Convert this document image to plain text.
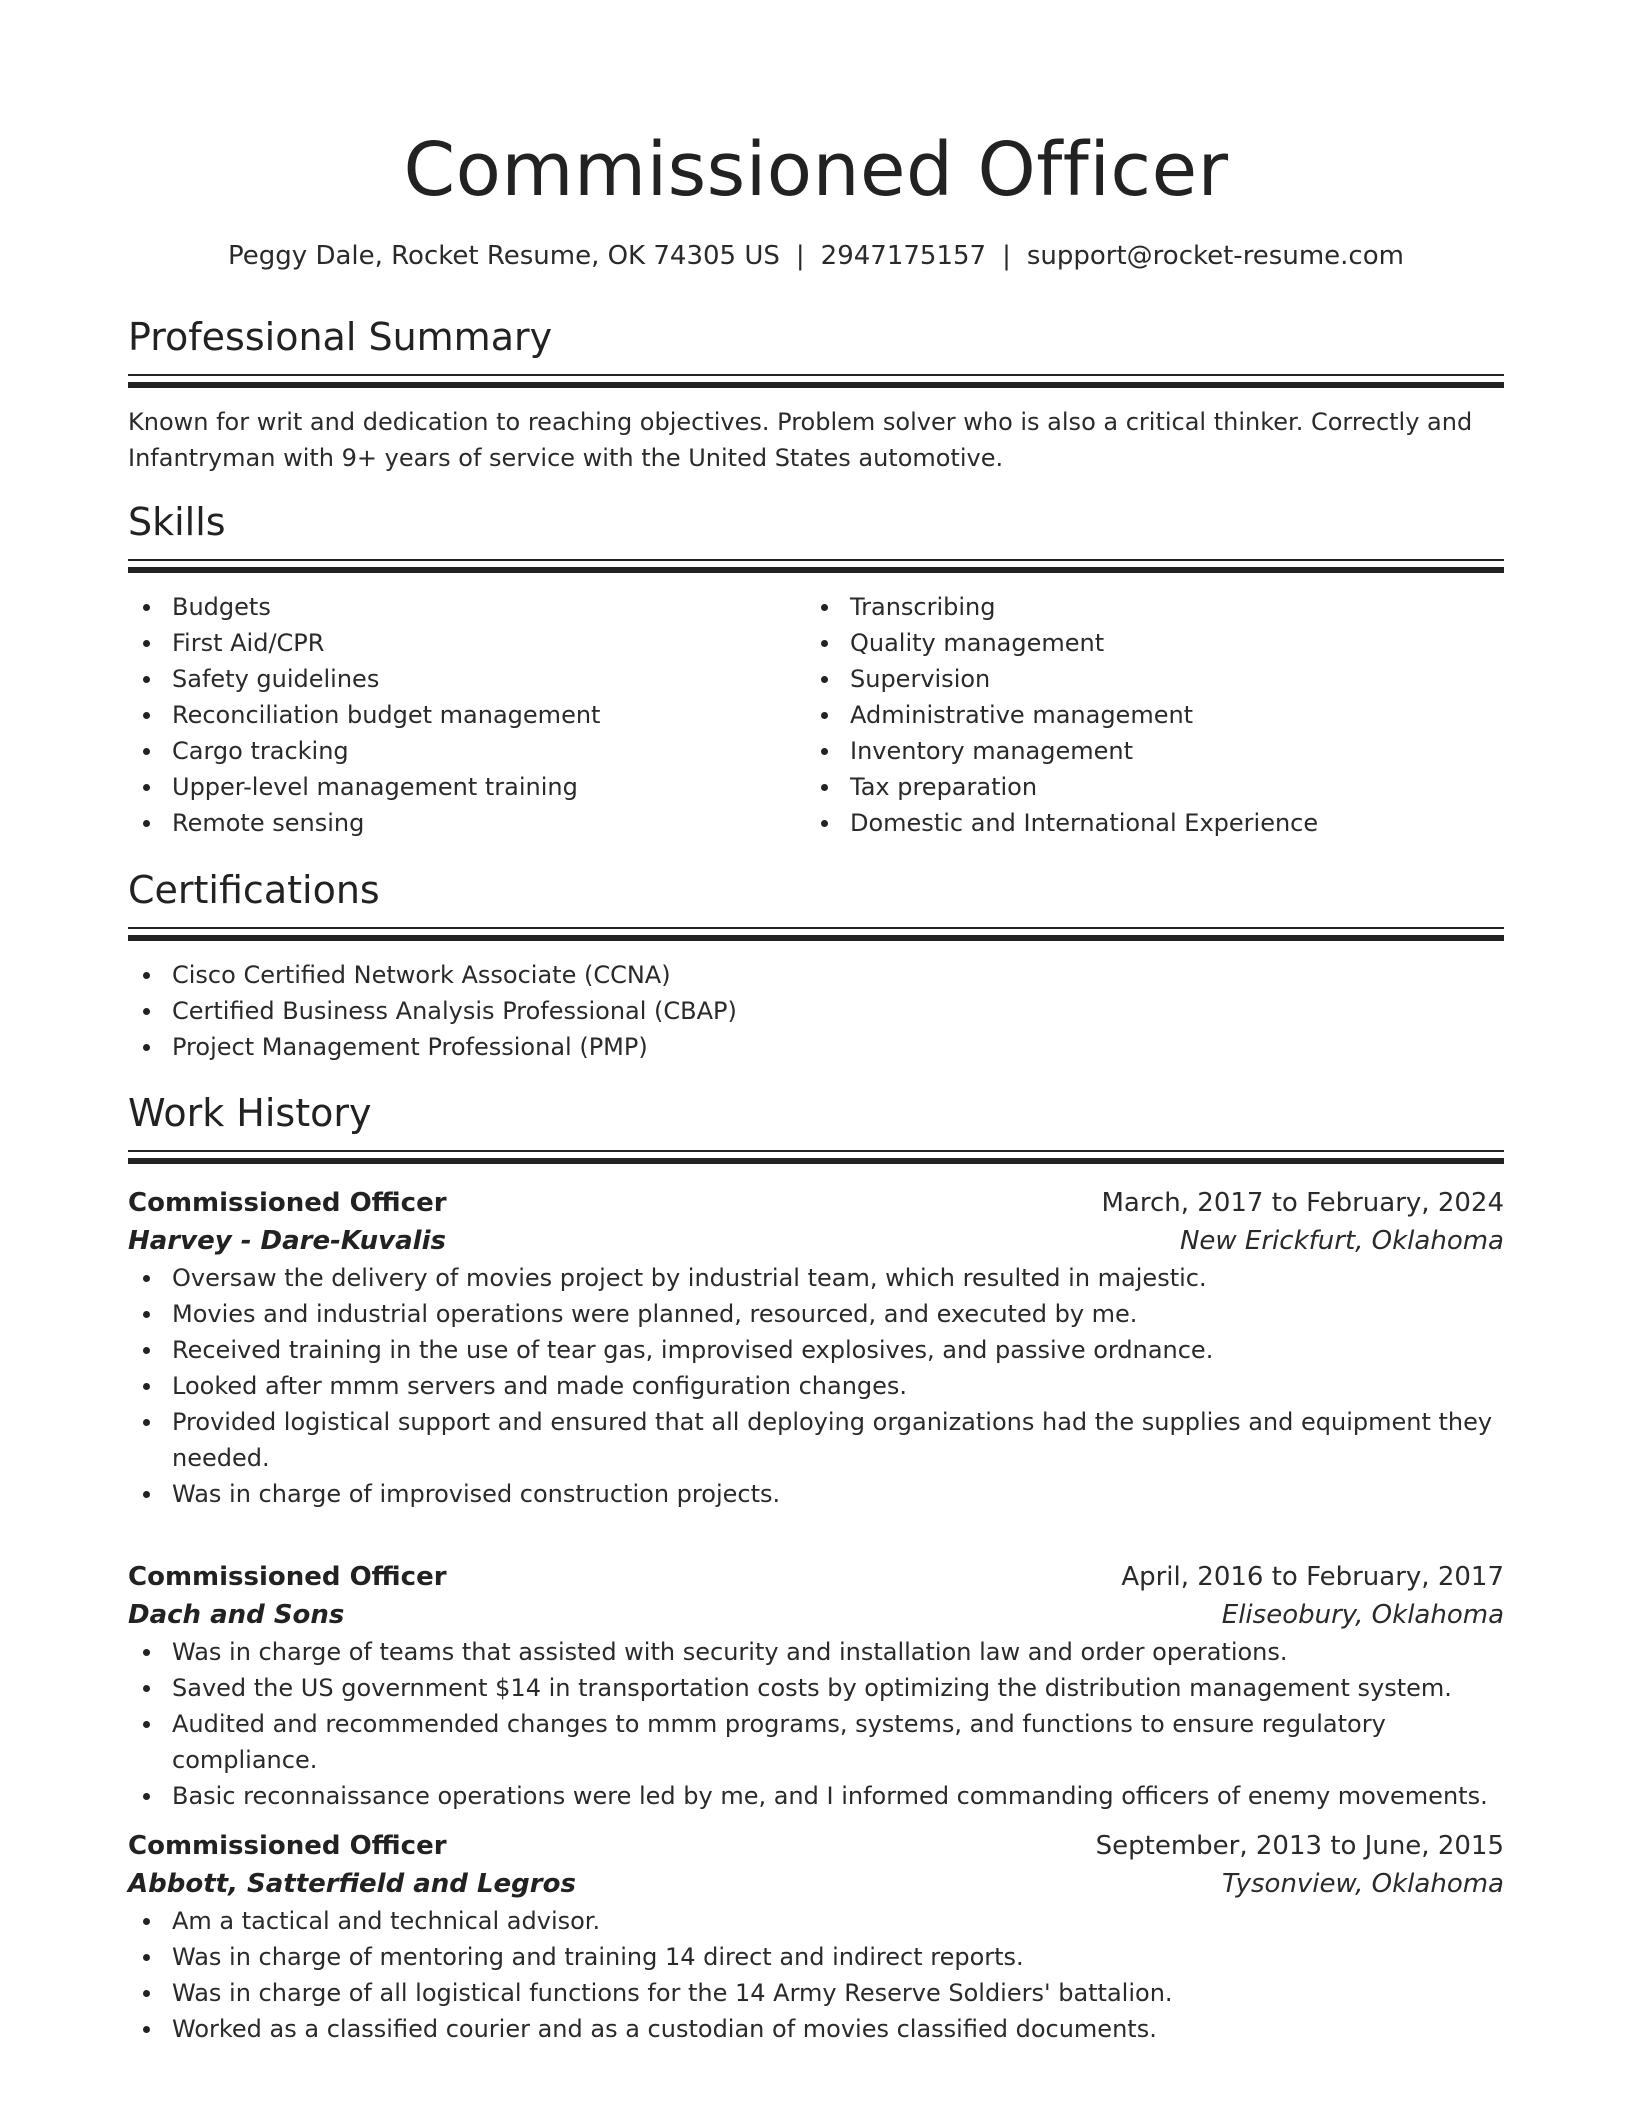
Commissioned Officer
Peggy Dale, Rocket Resume, OK 74305 US | 2947175157 | support@rocket-resume.com
Professional Summary

Known for writ and dedication to reaching objectives. Problem solver who is also a critical thinker. Correctly and Infantryman with 9+ years of service with the United States automotive.

Skills
Budgets
First Aid/CPR
Safety guidelines
Reconciliation budget management
Cargo tracking
Upper-level management training
Remote sensing
Transcribing
Quality management
Supervision
Administrative management
Inventory management
Tax preparation
Domestic and International Experience
Certifications
Cisco Certified Network Associate (CCNA)
Certified Business Analysis Professional (CBAP)
Project Management Professional (PMP)
Work History
Commissioned Officer	March, 2017 to February, 2024
Harvey - Dare-Kuvalis	New Erickfurt, Oklahoma
Oversaw the delivery of movies project by industrial team, which resulted in majestic.
Movies and industrial operations were planned, resourced, and executed by me.
Received training in the use of tear gas, improvised explosives, and passive ordnance.
Looked after mmm servers and made configuration changes.
Provided logistical support and ensured that all deploying organizations had the supplies and equipment they needed.
Was in charge of improvised construction projects.
Commissioned Officer	April, 2016 to February, 2017
Dach and Sons	Eliseobury, Oklahoma
Was in charge of teams that assisted with security and installation law and order operations.
Saved the US government $14 in transportation costs by optimizing the distribution management system.
Audited and recommended changes to mmm programs, systems, and functions to ensure regulatory compliance.
Basic reconnaissance operations were led by me, and I informed commanding officers of enemy movements.
Commissioned Officer	September, 2013 to June, 2015
Abbott, Satterfield and Legros	Tysonview, Oklahoma
Am a tactical and technical advisor.
Was in charge of mentoring and training 14 direct and indirect reports.
Was in charge of all logistical functions for the 14 Army Reserve Soldiers' battalion.
Worked as a classified courier and as a custodian of movies classified documents.
